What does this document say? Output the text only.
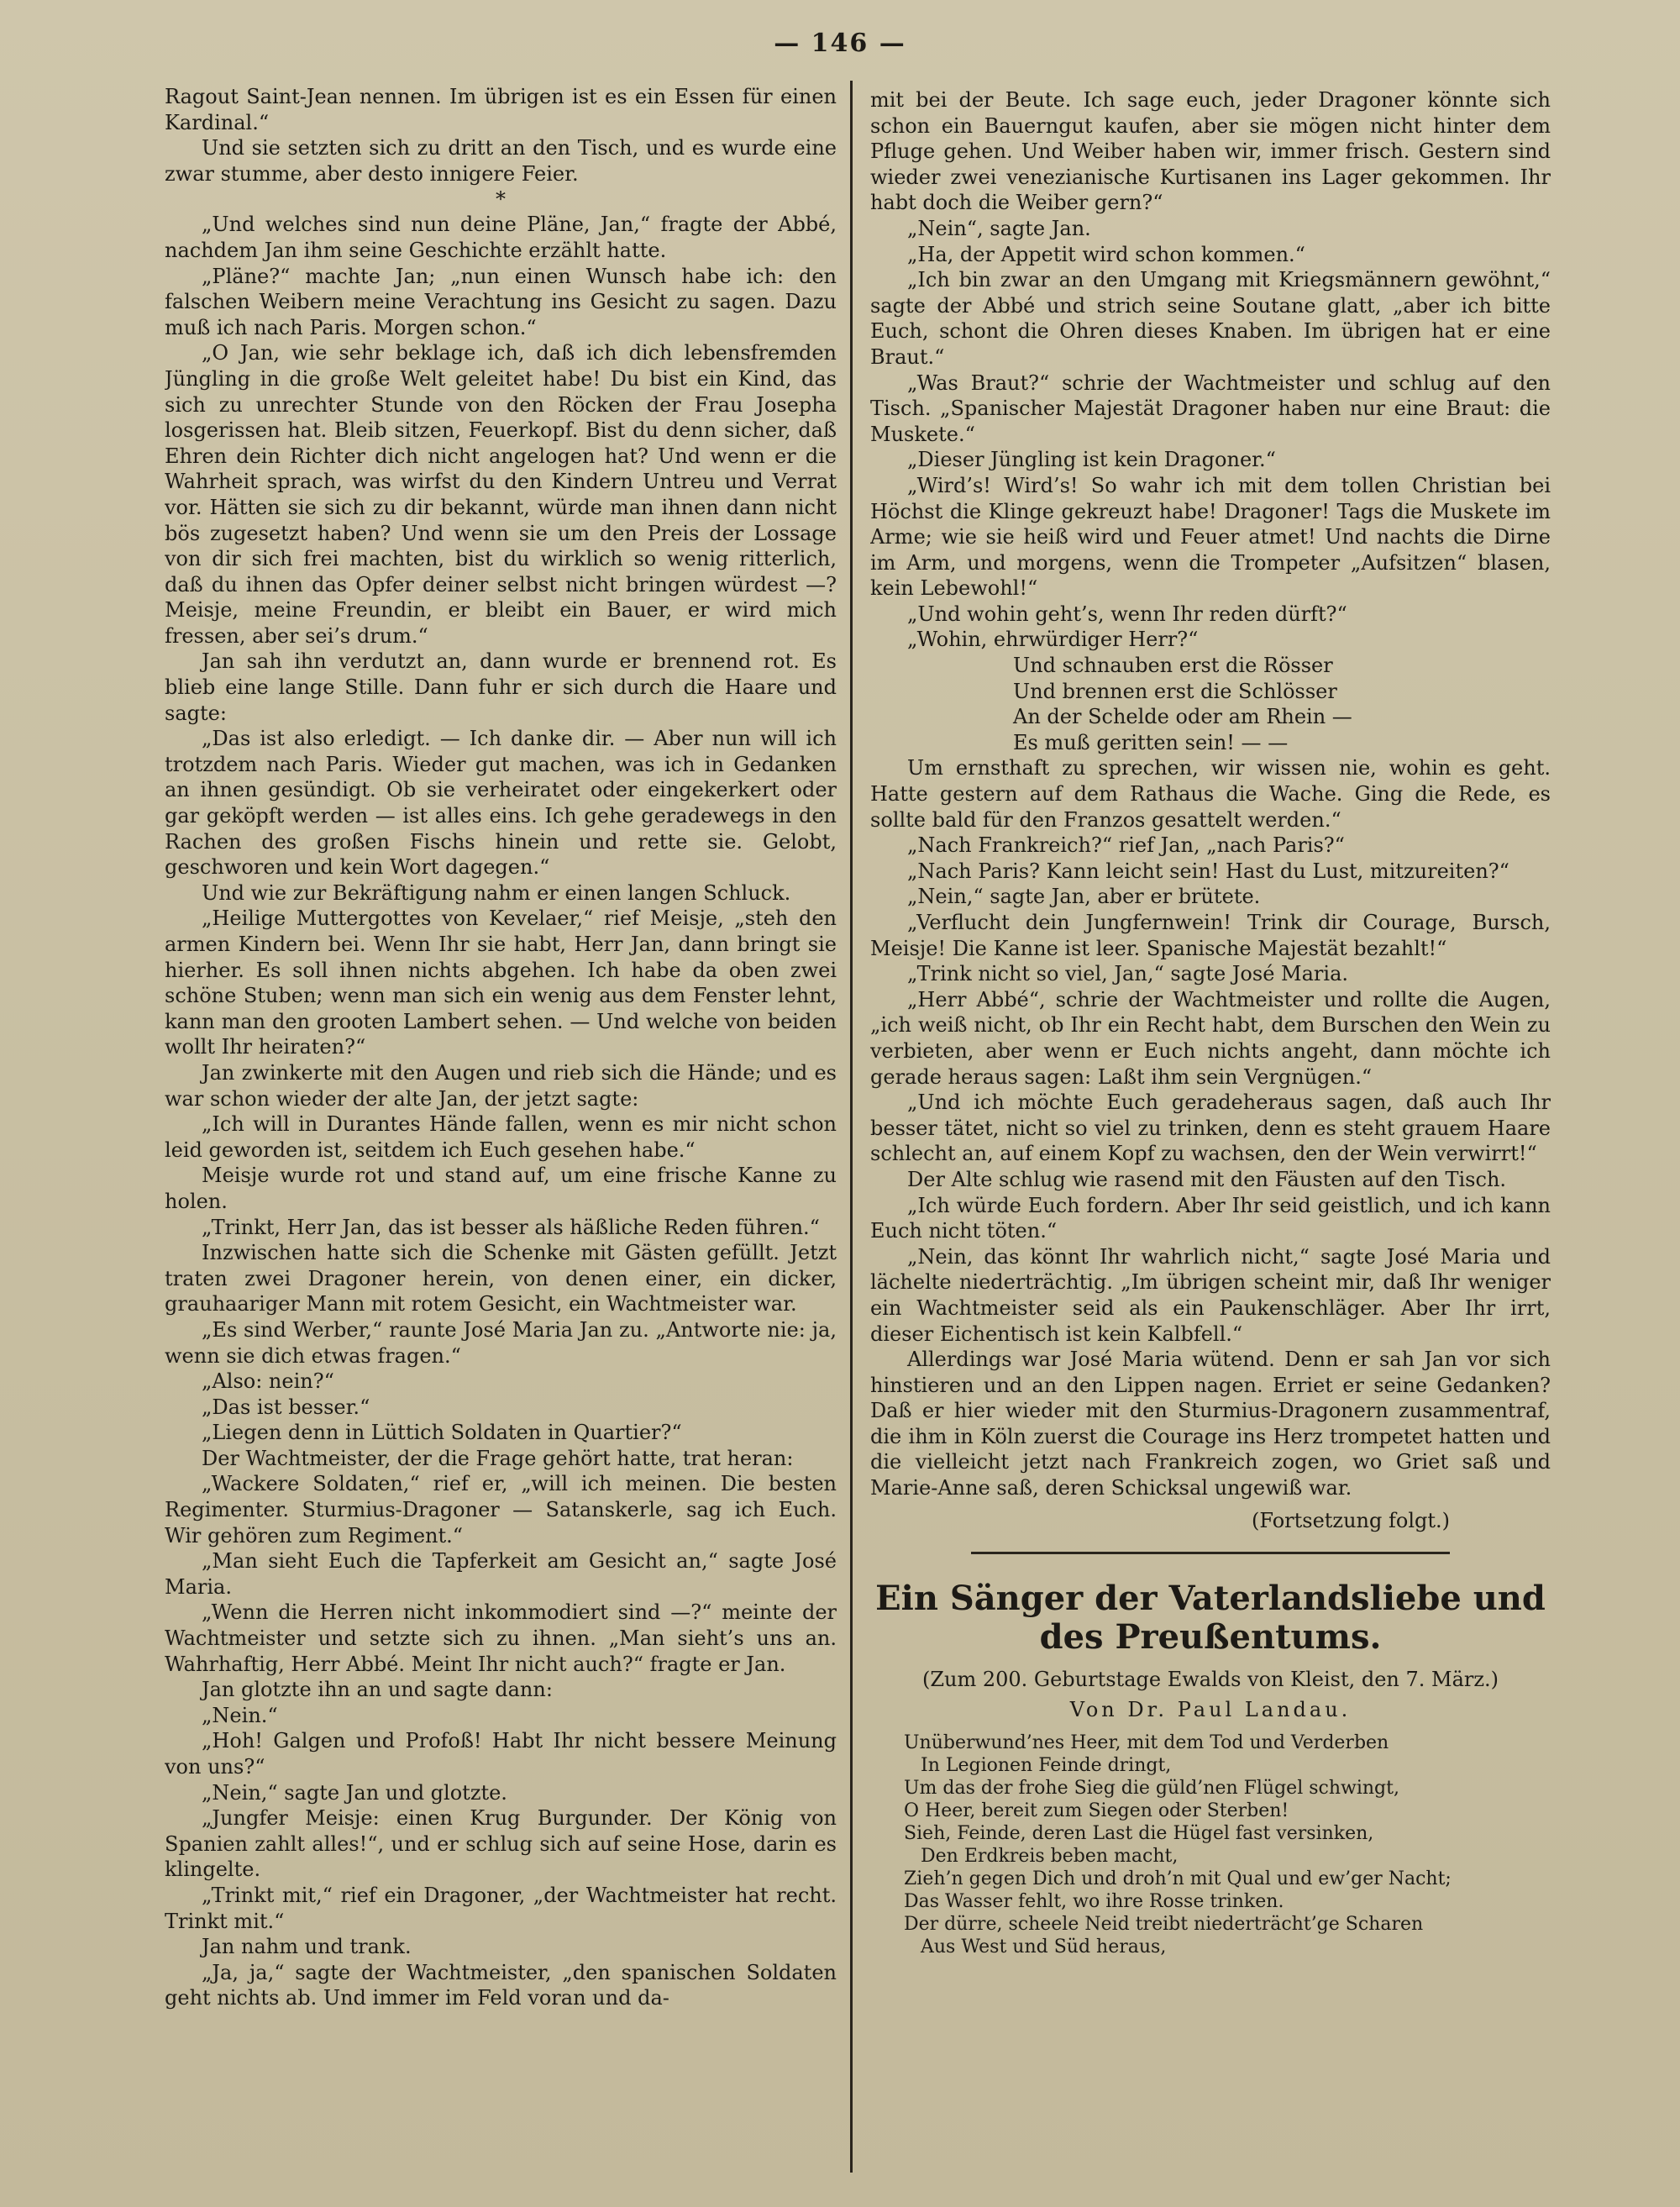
— 146 —

Ragout Saint-Jean nennen. Im übrigen ist es ein Essen für einen Kardinal.“

Und sie setzten sich zu dritt an den Tisch, und es wurde eine zwar stumme, aber desto innigere Feier.

*

„Und welches sind nun deine Pläne, Jan,“ fragte der Abbé, nachdem Jan ihm seine Geschichte erzählt hatte.

„Pläne?“ machte Jan; „nun einen Wunsch habe ich: den falschen Weibern meine Verachtung ins Gesicht zu sagen. Dazu muß ich nach Paris. Morgen schon.“

„O Jan, wie sehr beklage ich, daß ich dich lebensfremden Jüngling in die große Welt geleitet habe! Du bist ein Kind, das sich zu unrechter Stunde von den Röcken der Frau Josepha losgerissen hat. Bleib sitzen, Feuerkopf. Bist du denn sicher, daß Ehren dein Richter dich nicht angelogen hat? Und wenn er die Wahrheit sprach, was wirfst du den Kindern Untreu und Verrat vor. Hätten sie sich zu dir bekannt, würde man ihnen dann nicht bös zugesetzt haben? Und wenn sie um den Preis der Lossage von dir sich frei machten, bist du wirklich so wenig ritterlich, daß du ihnen das Opfer deiner selbst nicht bringen würdest —? Meisje, meine Freundin, er bleibt ein Bauer, er wird mich fressen, aber sei’s drum.“

Jan sah ihn verdutzt an, dann wurde er brennend rot. Es blieb eine lange Stille. Dann fuhr er sich durch die Haare und sagte:

„Das ist also erledigt. — Ich danke dir. — Aber nun will ich trotzdem nach Paris. Wieder gut machen, was ich in Gedanken an ihnen gesündigt. Ob sie verheiratet oder eingekerkert oder gar geköpft werden — ist alles eins. Ich gehe geradewegs in den Rachen des großen Fischs hinein und rette sie. Gelobt, geschworen und kein Wort dagegen.“

Und wie zur Bekräftigung nahm er einen langen Schluck.

„Heilige Muttergottes von Kevelaer,“ rief Meisje, „steh den armen Kindern bei. Wenn Ihr sie habt, Herr Jan, dann bringt sie hierher. Es soll ihnen nichts abgehen. Ich habe da oben zwei schöne Stuben; wenn man sich ein wenig aus dem Fenster lehnt, kann man den grooten Lambert sehen. — Und welche von beiden wollt Ihr heiraten?“

Jan zwinkerte mit den Augen und rieb sich die Hände; und es war schon wieder der alte Jan, der jetzt sagte:

„Ich will in Durantes Hände fallen, wenn es mir nicht schon leid geworden ist, seitdem ich Euch gesehen habe.“

Meisje wurde rot und stand auf, um eine frische Kanne zu holen.

„Trinkt, Herr Jan, das ist besser als häßliche Reden führen.“

Inzwischen hatte sich die Schenke mit Gästen gefüllt. Jetzt traten zwei Dragoner herein, von denen einer, ein dicker, grauhaariger Mann mit rotem Gesicht, ein Wachtmeister war.

„Es sind Werber,“ raunte José Maria Jan zu. „Antworte nie: ja, wenn sie dich etwas fragen.“

„Also: nein?“

„Das ist besser.“

„Liegen denn in Lüttich Soldaten in Quartier?“

Der Wachtmeister, der die Frage gehört hatte, trat heran:

„Wackere Soldaten,“ rief er, „will ich meinen. Die besten Regimenter. Sturmius-Dragoner — Satanskerle, sag ich Euch. Wir gehören zum Regiment.“

„Man sieht Euch die Tapferkeit am Gesicht an,“ sagte José Maria.

„Wenn die Herren nicht inkommodiert sind —?“ meinte der Wachtmeister und setzte sich zu ihnen. „Man sieht’s uns an. Wahrhaftig, Herr Abbé. Meint Ihr nicht auch?“ fragte er Jan.

Jan glotzte ihn an und sagte dann:

„Nein.“

„Hoh! Galgen und Profoß! Habt Ihr nicht bessere Meinung von uns?“

„Nein,“ sagte Jan und glotzte.

„Jungfer Meisje: einen Krug Burgunder. Der König von Spanien zahlt alles!“, und er schlug sich auf seine Hose, darin es klingelte.

„Trinkt mit,“ rief ein Dragoner, „der Wachtmeister hat recht. Trinkt mit.“

Jan nahm und trank.

„Ja, ja,“ sagte der Wachtmeister, „den spanischen Soldaten geht nichts ab. Und immer im Feld voran und da-

mit bei der Beute. Ich sage euch, jeder Dragoner könnte sich schon ein Bauerngut kaufen, aber sie mögen nicht hinter dem Pfluge gehen. Und Weiber haben wir, immer frisch. Gestern sind wieder zwei venezianische Kurtisanen ins Lager gekommen. Ihr habt doch die Weiber gern?“

„Nein“, sagte Jan.

„Ha, der Appetit wird schon kommen.“

„Ich bin zwar an den Umgang mit Kriegsmännern gewöhnt,“ sagte der Abbé und strich seine Soutane glatt, „aber ich bitte Euch, schont die Ohren dieses Knaben. Im übrigen hat er eine Braut.“

„Was Braut?“ schrie der Wachtmeister und schlug auf den Tisch. „Spanischer Majestät Dragoner haben nur eine Braut: die Muskete.“

„Dieser Jüngling ist kein Dragoner.“

„Wird’s! Wird’s! So wahr ich mit dem tollen Christian bei Höchst die Klinge gekreuzt habe! Dragoner! Tags die Muskete im Arme; wie sie heiß wird und Feuer atmet! Und nachts die Dirne im Arm, und morgens, wenn die Trompeter „Aufsitzen“ blasen, kein Lebewohl!“

„Und wohin geht’s, wenn Ihr reden dürft?“

„Wohin, ehrwürdiger Herr?“

Und schnauben erst die Rösser

Und brennen erst die Schlösser

An der Schelde oder am Rhein —

Es muß geritten sein! — —

Um ernsthaft zu sprechen, wir wissen nie, wohin es geht. Hatte gestern auf dem Rathaus die Wache. Ging die Rede, es sollte bald für den Franzos gesattelt werden.“

„Nach Frankreich?“ rief Jan, „nach Paris?“

„Nach Paris? Kann leicht sein! Hast du Lust, mitzureiten?“

„Nein,“ sagte Jan, aber er brütete.

„Verflucht dein Jungfernwein! Trink dir Courage, Bursch, Meisje! Die Kanne ist leer. Spanische Majestät bezahlt!“

„Trink nicht so viel, Jan,“ sagte José Maria.

„Herr Abbé“, schrie der Wachtmeister und rollte die Augen, „ich weiß nicht, ob Ihr ein Recht habt, dem Burschen den Wein zu verbieten, aber wenn er Euch nichts angeht, dann möchte ich gerade heraus sagen: Laßt ihm sein Vergnügen.“

„Und ich möchte Euch geradeheraus sagen, daß auch Ihr besser tätet, nicht so viel zu trinken, denn es steht grauem Haare schlecht an, auf einem Kopf zu wachsen, den der Wein verwirrt!“

Der Alte schlug wie rasend mit den Fäusten auf den Tisch.

„Ich würde Euch fordern. Aber Ihr seid geistlich, und ich kann Euch nicht töten.“

„Nein, das könnt Ihr wahrlich nicht,“ sagte José Maria und lächelte niederträchtig. „Im übrigen scheint mir, daß Ihr weniger ein Wachtmeister seid als ein Paukenschläger. Aber Ihr irrt, dieser Eichentisch ist kein Kalbfell.“

Allerdings war José Maria wütend. Denn er sah Jan vor sich hinstieren und an den Lippen nagen. Erriet er seine Gedanken? Daß er hier wieder mit den Sturmius-Dragonern zusammentraf, die ihm in Köln zuerst die Courage ins Herz trompetet hatten und die vielleicht jetzt nach Frankreich zogen, wo Griet saß und Marie-Anne saß, deren Schicksal ungewiß war.

(Fortsetzung folgt.)

Ein Sänger der Vaterlandsliebe und des Preußentums.
(Zum 200. Geburtstage Ewalds von Kleist, den 7. März.)
Von Dr. Paul Landau.

Unüberwund’nes Heer, mit dem Tod und Verderben

In Legionen Feinde dringt,

Um das der frohe Sieg die güld’nen Flügel schwingt,

O Heer, bereit zum Siegen oder Sterben!

Sieh, Feinde, deren Last die Hügel fast versinken,

Den Erdkreis beben macht,

Zieh’n gegen Dich und droh’n mit Qual und ew’ger Nacht;

Das Wasser fehlt, wo ihre Rosse trinken.

Der dürre, scheele Neid treibt niederträcht’ge Scharen

Aus West und Süd heraus,
